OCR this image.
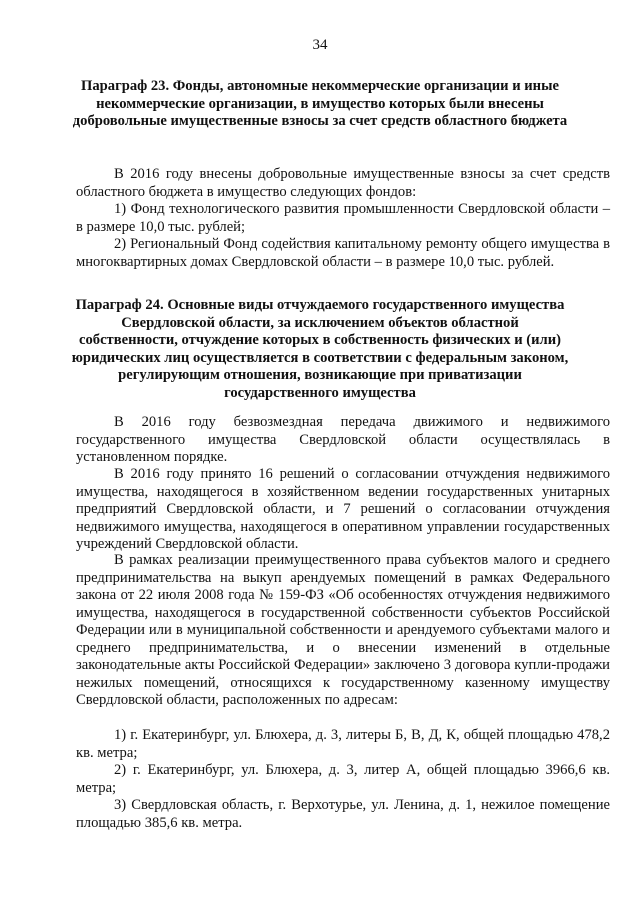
34
Параграф 23. Фонды, автономные некоммерческие организации и иные некоммерческие организации, в имущество которых были внесены добровольные имущественные взносы за счет средств областного бюджета

В 2016 году внесены добровольные имущественные взносы за счет средств областного бюджета в имущество следующих фондов:

1) Фонд технологического развития промышленности Свердловской области – в размере 10,0 тыс. рублей;

2) Региональный Фонд содействия капитальному ремонту общего имущества в многоквартирных домах Свердловской области – в размере 10,0 тыс. рублей.

Параграф 24. Основные виды отчуждаемого государственного имущества Свердловской области, за исключением объектов областной собственности, отчуждение которых в собственность физических и (или) юридических лиц осуществляется в соответствии с федеральным законом, регулирующим отношения, возникающие при приватизации государственного имущества

В 2016 году безвозмездная передача движимого и недвижимого государственного имущества Свердловской области осуществлялась в установленном порядке.

В 2016 году принято 16 решений о согласовании отчуждения недвижимого имущества, находящегося в хозяйственном ведении государственных унитарных предприятий Свердловской области, и 7 решений о согласовании отчуждения недвижимого имущества, находящегося в оперативном управлении государственных учреждений Свердловской области.

В рамках реализации преимущественного права субъектов малого и среднего предпринимательства на выкуп арендуемых помещений в рамках Федерального закона от 22 июля 2008 года № 159-ФЗ «Об особенностях отчуждения недвижимого имущества, находящегося в государственной собственности субъектов Российской Федерации или в муниципальной собственности и арендуемого субъектами малого и среднего предпринимательства, и о внесении изменений в отдельные законодательные акты Российской Федерации» заключено 3 договора купли-продажи нежилых помещений, относящихся к государственному казенному имуществу Свердловской области, расположенных по адресам:

1) г. Екатеринбург, ул. Блюхера, д. 3, литеры Б, В, Д, К, общей площадью 478,2 кв. метра;

2) г. Екатеринбург, ул. Блюхера, д. 3, литер А, общей площадью 3966,6 кв. метра;

3) Свердловская область, г. Верхотурье, ул. Ленина, д. 1, нежилое помещение площадью 385,6 кв. метра.
